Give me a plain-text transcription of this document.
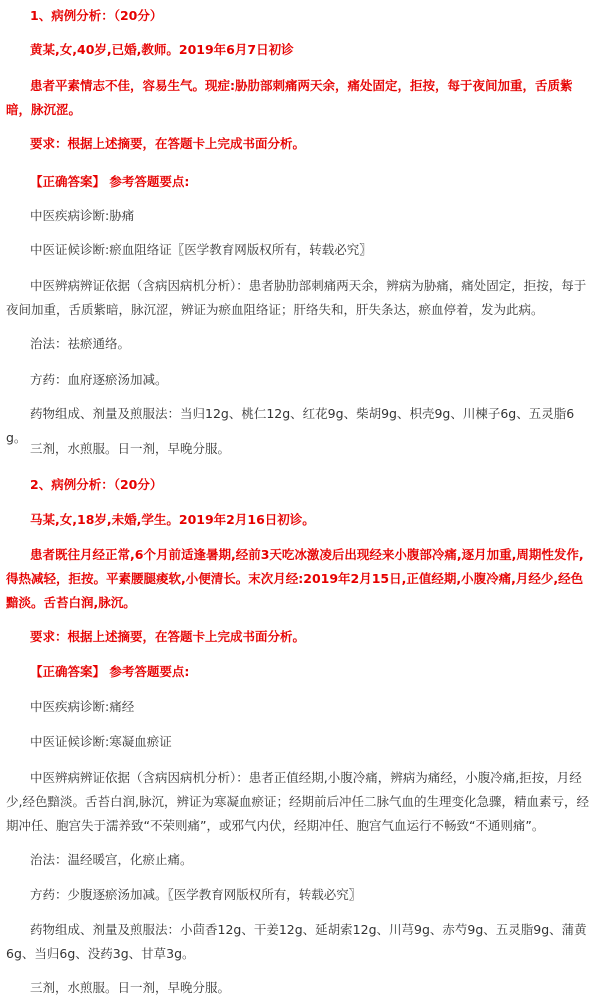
1、病例分析：（20分）

黄某,女,40岁,已婚,教师。2019年6月7日初诊

患者平素情志不佳，容易生气。现症:胁肋部刺痛两天余，痛处固定，拒按，每于夜间加重，舌质紫暗，脉沉涩。

要求：根据上述摘要，在答题卡上完成书面分析。

【正确答案】 参考答题要点:

中医疾病诊断:胁痛

中医证候诊断:瘀血阻络证〖医学教育网版权所有，转载必究〗

中医辨病辨证依据（含病因病机分析）：患者胁肋部刺痛两天余，辨病为胁痛，痛处固定，拒按，每于夜间加重，舌质紫暗，脉沉涩，辨证为瘀血阻络证；肝络失和，肝失条达，瘀血停着，发为此病。

治法：祛瘀通络。

方药：血府逐瘀汤加减。

药物组成、剂量及煎服法：当归12g、桃仁12g、红花9g、柴胡9g、枳壳9g、川楝子6g、五灵脂6g。

三剂，水煎服。日一剂，早晚分服。

2、病例分析：（20分）

马某,女,18岁,未婚,学生。2019年2月16日初诊。

患者既往月经正常,6个月前适逢暑期,经前3天吃冰激凌后出现经来小腹部冷痛,逐月加重,周期性发作,得热减轻，拒按。平素腰腿痠软,小便清长。末次月经:2019年2月15日,正值经期,小腹冷痛,月经少,经色黯淡。舌苔白润,脉沉。

要求：根据上述摘要，在答题卡上完成书面分析。

【正确答案】 参考答题要点:

中医疾病诊断:痛经

中医证候诊断:寒凝血瘀证

中医辨病辨证依据（含病因病机分析）：患者正值经期,小腹冷痛，辨病为痛经，小腹冷痛,拒按，月经少,经色黯淡。舌苔白润,脉沉，辨证为寒凝血瘀证；经期前后冲任二脉气血的生理变化急骤，精血素亏，经期冲任、胞宫失于濡养致“不荣则痛”，或邪气内伏，经期冲任、胞宫气血运行不畅致“不通则痛”。

治法：温经暖宫，化瘀止痛。

方药：少腹逐瘀汤加减。〖医学教育网版权所有，转载必究〗

药物组成、剂量及煎服法：小茴香12g、干姜12g、延胡索12g、川芎9g、赤芍9g、五灵脂9g、蒲黄6g、当归6g、没药3g、甘草3g。

三剂，水煎服。日一剂，早晚分服。
